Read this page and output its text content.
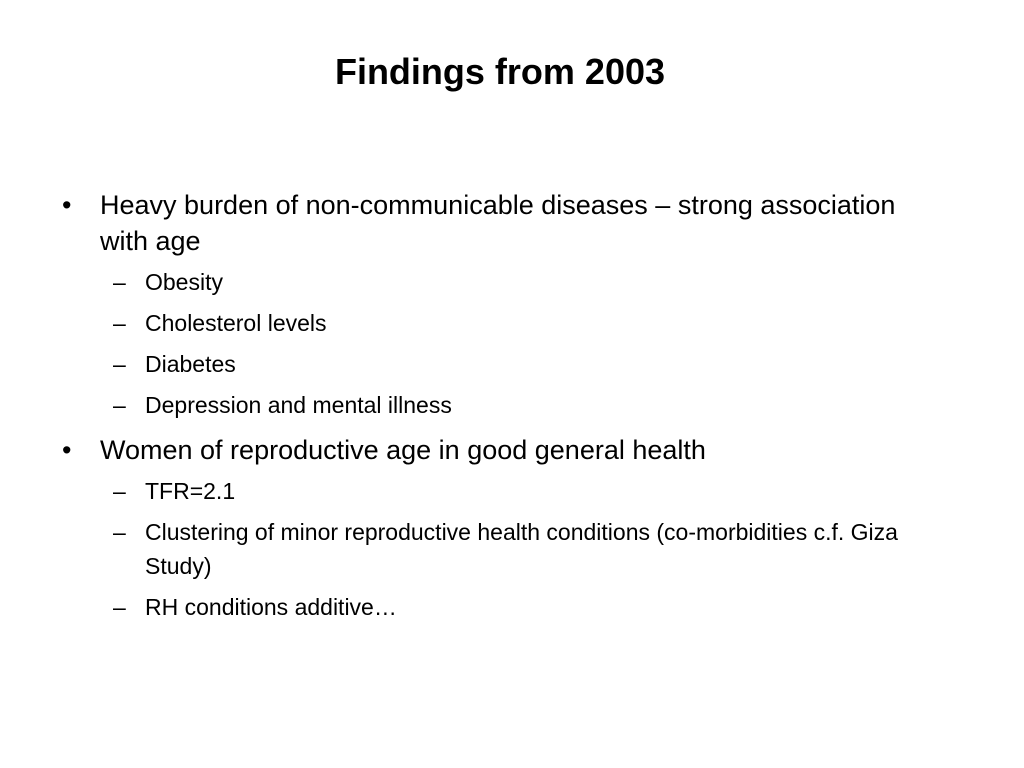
Findings from 2003
•	Heavy burden of non-communicable diseases – strong association with age
– Obesity
– Cholesterol levels
– Diabetes
– Depression and mental illness
•	Women of reproductive age in good general health
– TFR=2.1
– Clustering of minor reproductive health conditions (co-morbidities c.f. Giza Study)
– RH conditions additive…
